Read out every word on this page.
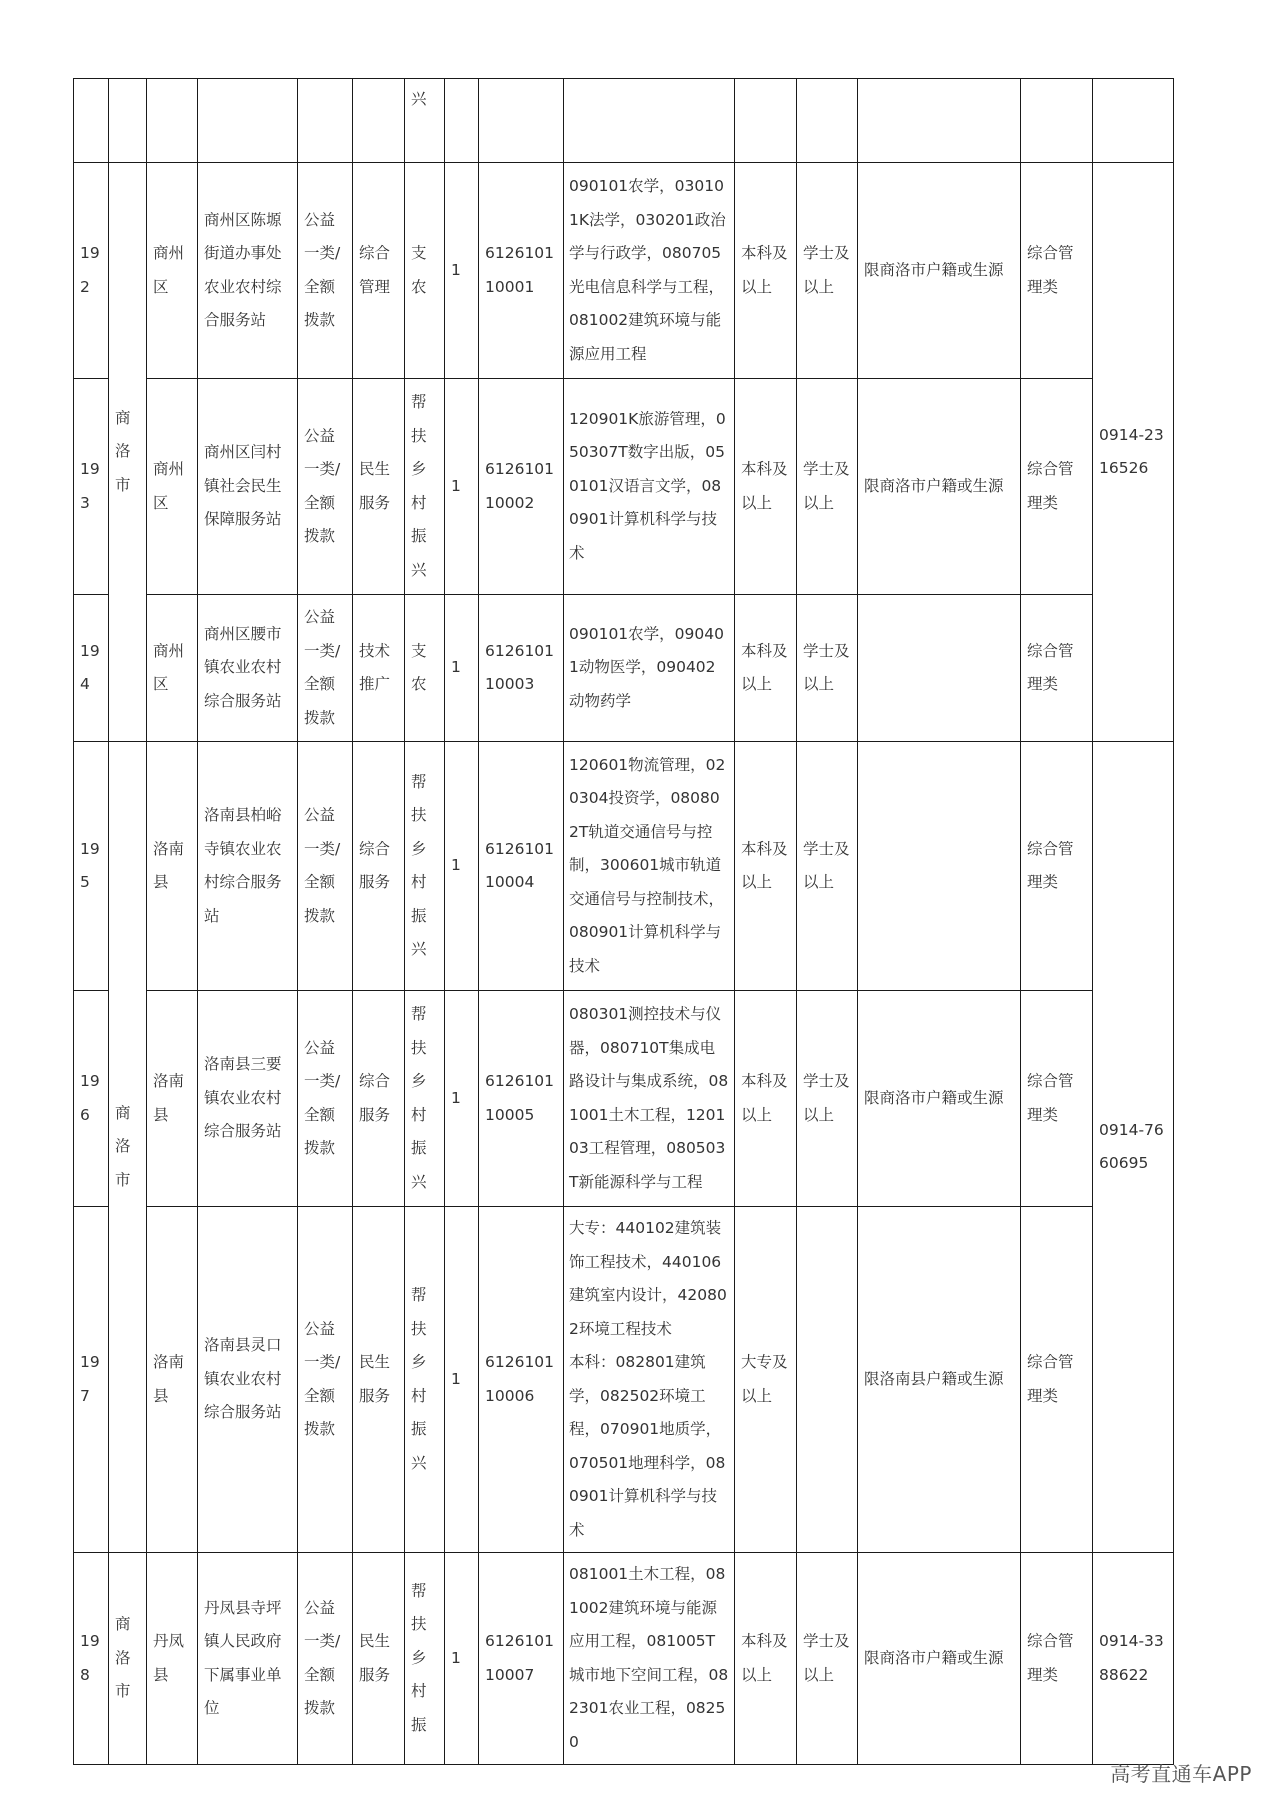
						兴								
192	商洛市	商州区	商州区陈塬街道办事处农业农村综合服务站	公益一类/全额拨款	综合管理	支农	1	612610110001	090101农学，030101K法学，030201政治学与行政学，080705光电信息科学与工程，081002建筑环境与能源应用工程	本科及以上	学士及以上	限商洛市户籍或生源	综合管理类	0914-2316526
193		商州区	商州区闫村镇社会民生保障服务站	公益一类/全额拨款	民生服务	帮扶乡村振兴	1	612610110002	120901K旅游管理，050307T数字出版，050101汉语言文学，080901计算机科学与技术	本科及以上	学士及以上	限商洛市户籍或生源	综合管理类	
194		商州区	商州区腰市镇农业农村综合服务站	公益一类/全额拨款	技术推广	支农	1	612610110003	090101农学，090401动物医学，090402动物药学	本科及以上	学士及以上		综合管理类	
195	商洛市	洛南县	洛南县柏峪寺镇农业农村综合服务站	公益一类/全额拨款	综合服务	帮扶乡村振兴	1	612610110004	120601物流管理，020304投资学，080802T轨道交通信号与控制，300601城市轨道交通信号与控制技术，080901计算机科学与技术	本科及以上	学士及以上		综合管理类	0914-7660695
196		洛南县	洛南县三要镇农业农村综合服务站	公益一类/全额拨款	综合服务	帮扶乡村振兴	1	612610110005	080301测控技术与仪器，080710T集成电路设计与集成系统，081001土木工程，120103工程管理，080503T新能源科学与工程	本科及以上	学士及以上	限商洛市户籍或生源	综合管理类	
197		洛南县	洛南县灵口镇农业农村综合服务站	公益一类/全额拨款	民生服务	帮扶乡村振兴	1	612610110006	大专：440102建筑装饰工程技术，440106建筑室内设计，420802环境工程技术
本科：082801建筑学，082502环境工程，070901地质学，070501地理科学，080901计算机科学与技术	大专及以上		限洛南县户籍或生源	综合管理类	
198	商洛市	丹凤县	丹凤县寺坪镇人民政府下属事业单位	公益一类/全额拨款	民生服务	帮扶乡村振	1	612610110007	081001土木工程，081002建筑环境与能源应用工程，081005T城市地下空间工程，082301农业工程，08250	本科及以上	学士及以上	限商洛市户籍或生源	综合管理类	0914-3388622
高考直通车APP
